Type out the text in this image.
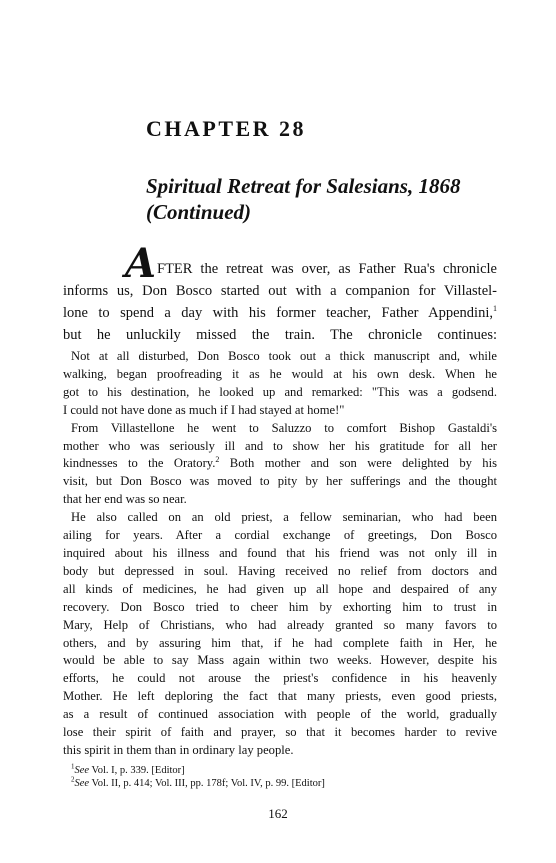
CHAPTER 28
Spiritual Retreat for Salesians, 1868
(Continued)
A FTER the retreat was over, as Father Rua's chronicle
informs us, Don Bosco started out with a companion for Villastel-
lone to spend a day with his former teacher, Father Appendini,$^1$
but he unluckily missed the train. The chronicle continues:
Not at all disturbed, Don Bosco took out a thick manuscript and, while
walking, began proofreading it as he would at his own desk. When he
got to his destination, he looked up and remarked: "This was a godsend.
I could not have done as much if I had stayed at home!"
From Villastellone he went to Saluzzo to comfort Bishop Gastaldi's
mother who was seriously ill and to show her his gratitude for all her
kindnesses to the Oratory.$^2$ Both mother and son were delighted by his
visit, but Don Bosco was moved to pity by her sufferings and the thought
that her end was so near.
He also called on an old priest, a fellow seminarian, who had been
ailing for years. After a cordial exchange of greetings, Don Bosco
inquired about his illness and found that his friend was not only ill in
body but depressed in soul. Having received no relief from doctors and
all kinds of medicines, he had given up all hope and despaired of any
recovery. Don Bosco tried to cheer him by exhorting him to trust in
Mary, Help of Christians, who had already granted so many favors to
others, and by assuring him that, if he had complete faith in Her, he
would be able to say Mass again within two weeks. However, despite his
efforts, he could not arouse the priest's confidence in his heavenly
Mother. He left deploring the fact that many priests, even good priests,
as a result of continued association with people of the world, gradually
lose their spirit of faith and prayer, so that it becomes harder to revive
this spirit in them than in ordinary lay people.
$^1$See Vol. I, p. 339. [Editor]
$^2$See Vol. II, p. 414; Vol. III, pp. 178f; Vol. IV, p. 99. [Editor]
162
